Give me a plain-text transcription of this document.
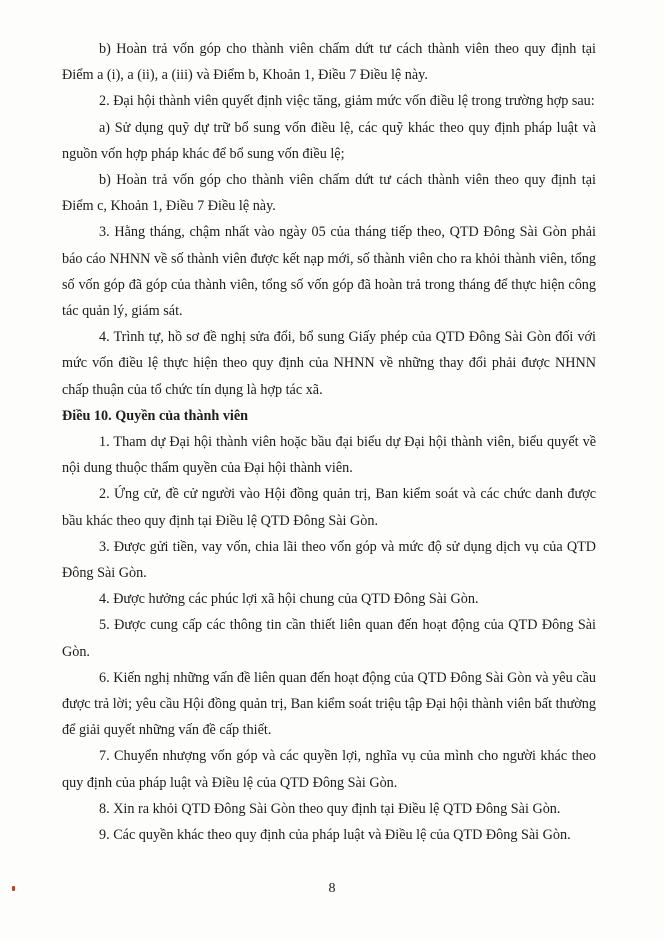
b) Hoàn trả vốn góp cho thành viên chấm dứt tư cách thành viên theo quy định tại Điểm a (i), a (ii), a (iii) và Điểm b, Khoản 1, Điều 7 Điều lệ này.

2. Đại hội thành viên quyết định việc tăng, giảm mức vốn điều lệ trong trường hợp sau:

a) Sử dụng quỹ dự trữ bổ sung vốn điều lệ, các quỹ khác theo quy định pháp luật và nguồn vốn hợp pháp khác để bổ sung vốn điều lệ;

b) Hoàn trả vốn góp cho thành viên chấm dứt tư cách thành viên theo quy định tại Điểm c, Khoản 1, Điều 7 Điều lệ này.

3. Hằng tháng, chậm nhất vào ngày 05 của tháng tiếp theo, QTD Đông Sài Gòn phải báo cáo NHNN về số thành viên được kết nạp mới, số thành viên cho ra khỏi thành viên, tổng số vốn góp đã góp của thành viên, tổng số vốn góp đã hoàn trả trong tháng để thực hiện công tác quản lý, giám sát.

4. Trình tự, hồ sơ đề nghị sửa đổi, bổ sung Giấy phép của QTD Đông Sài Gòn đối với mức vốn điều lệ thực hiện theo quy định của NHNN về những thay đổi phải được NHNN chấp thuận của tổ chức tín dụng là hợp tác xã.

Điều 10. Quyền của thành viên

1. Tham dự Đại hội thành viên hoặc bầu đại biểu dự Đại hội thành viên, biểu quyết về nội dung thuộc thẩm quyền của Đại hội thành viên.

2. Ứng cử, đề cử người vào Hội đồng quản trị, Ban kiểm soát và các chức danh được bầu khác theo quy định tại Điều lệ QTD Đông Sài Gòn.

3. Được gửi tiền, vay vốn, chia lãi theo vốn góp và mức độ sử dụng dịch vụ của QTD Đông Sài Gòn.

4. Được hưởng các phúc lợi xã hội chung của QTD Đông Sài Gòn.

5. Được cung cấp các thông tin cần thiết liên quan đến hoạt động của QTD Đông Sài Gòn.

6. Kiến nghị những vấn đề liên quan đến hoạt động của QTD Đông Sài Gòn và yêu cầu được trả lời; yêu cầu Hội đồng quản trị, Ban kiểm soát triệu tập Đại hội thành viên bất thường để giải quyết những vấn đề cấp thiết.

7. Chuyển nhượng vốn góp và các quyền lợi, nghĩa vụ của mình cho người khác theo quy định của pháp luật và Điều lệ của QTD Đông Sài Gòn.

8. Xin ra khỏi QTD Đông Sài Gòn theo quy định tại Điều lệ QTD Đông Sài Gòn.

9. Các quyền khác theo quy định của pháp luật và Điều lệ của QTD Đông Sài Gòn.

8
